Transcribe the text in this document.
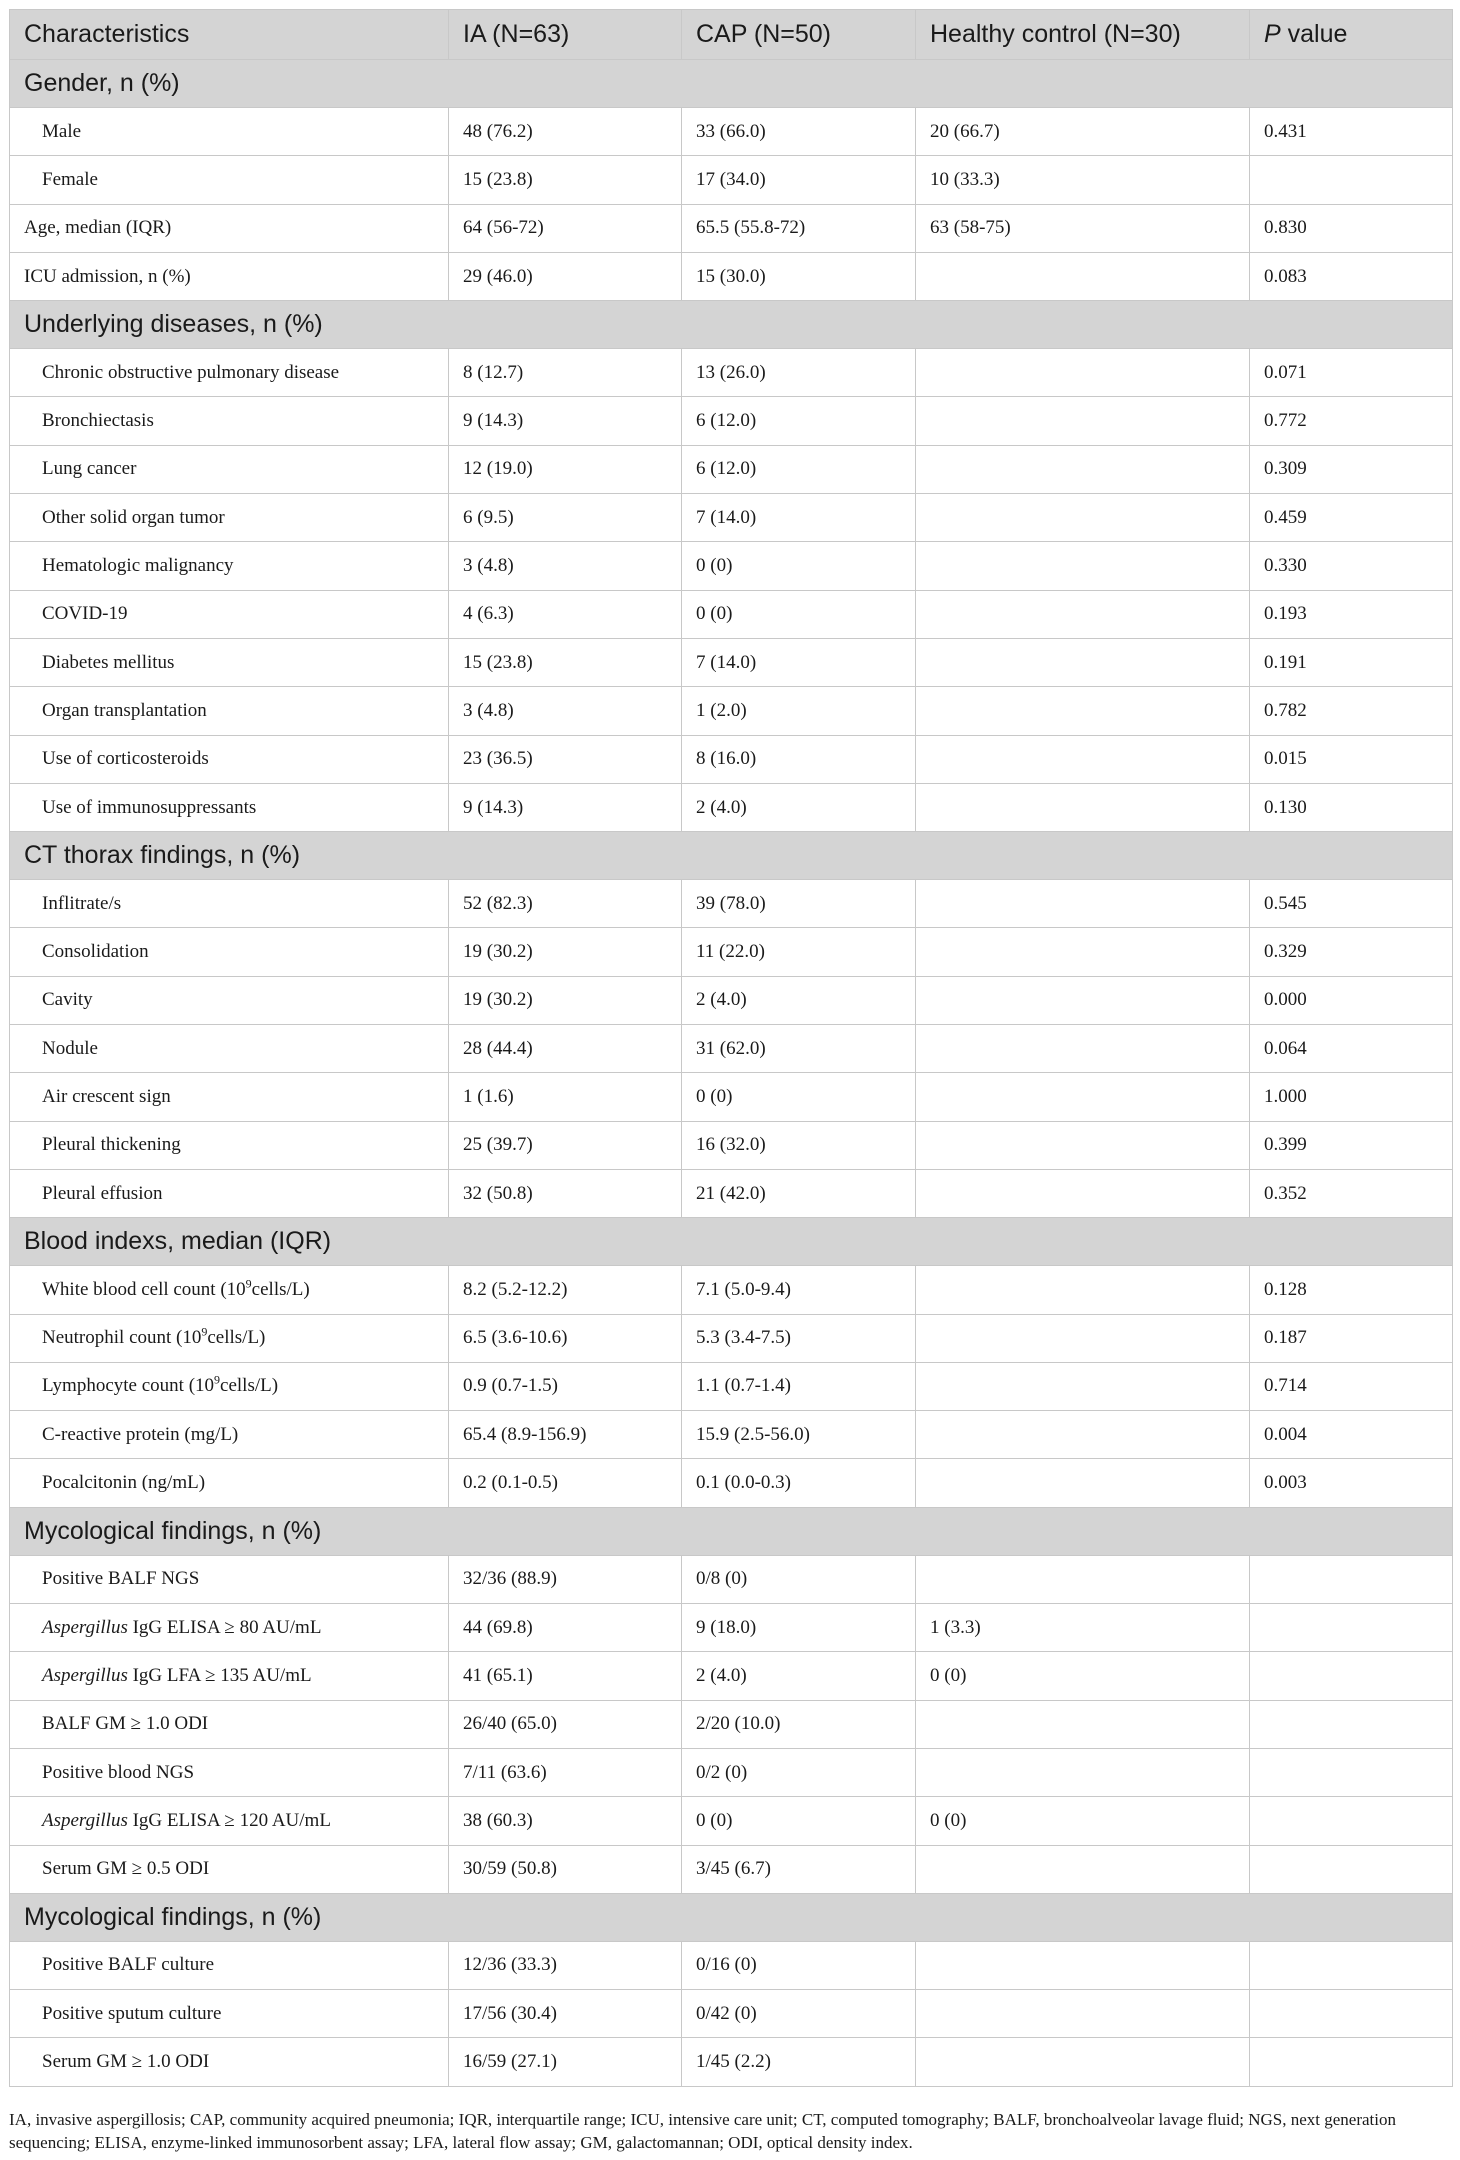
Characteristics	IA (N=63)	CAP (N=50)	Healthy control (N=30)	P value
Gender, n (%)				
Male	48 (76.2)	33 (66.0)	20 (66.7)	0.431
Female	15 (23.8)	17 (34.0)	10 (33.3)	
Age, median (IQR)	64 (56-72)	65.5 (55.8-72)	63 (58-75)	0.830
ICU admission, n (%)	29 (46.0)	15 (30.0)		0.083
Underlying diseases, n (%)				
Chronic obstructive pulmonary disease	8 (12.7)	13 (26.0)		0.071
Bronchiectasis	9 (14.3)	6 (12.0)		0.772
Lung cancer	12 (19.0)	6 (12.0)		0.309
Other solid organ tumor	6 (9.5)	7 (14.0)		0.459
Hematologic malignancy	3 (4.8)	0 (0)		0.330
COVID-19	4 (6.3)	0 (0)		0.193
Diabetes mellitus	15 (23.8)	7 (14.0)		0.191
Organ transplantation	3 (4.8)	1 (2.0)		0.782
Use of corticosteroids	23 (36.5)	8 (16.0)		0.015
Use of immunosuppressants	9 (14.3)	2 (4.0)		0.130
CT thorax findings, n (%)				
Inflitrate/s	52 (82.3)	39 (78.0)		0.545
Consolidation	19 (30.2)	11 (22.0)		0.329
Cavity	19 (30.2)	2 (4.0)		0.000
Nodule	28 (44.4)	31 (62.0)		0.064
Air crescent sign	1 (1.6)	0 (0)		1.000
Pleural thickening	25 (39.7)	16 (32.0)		0.399
Pleural effusion	32 (50.8)	21 (42.0)		0.352
Blood indexs, median (IQR)				
White blood cell count $(10^9cells/L)$	8.2 (5.2-12.2)	7.1 (5.0-9.4)		0.128
Neutrophil count $(10^9cells/L)$	6.5 (3.6-10.6)	5.3 (3.4-7.5)		0.187
Lymphocyte count $(10^9cells/L)$	0.9 (0.7-1.5)	1.1 (0.7-1.4)		0.714
C-reactive protein (mg/L)	65.4 (8.9-156.9)	15.9 (2.5-56.0)		0.004
Pocalcitonin (ng/mL)	0.2 (0.1-0.5)	0.1 (0.0-0.3)		0.003
Mycological findings, n (%)				
Positive BALF NGS	32/36 (88.9)	0/8 (0)		
Aspergillus IgG ELISA ≥ 80 AU/mL	44 (69.8)	9 (18.0)	1 (3.3)	
Aspergillus IgG LFA ≥ 135 AU/mL	41 (65.1)	2 (4.0)	0 (0)	
BALF GM ≥ 1.0 ODI	26/40 (65.0)	2/20 (10.0)		
Positive blood NGS	7/11 (63.6)	0/2 (0)		
Aspergillus IgG ELISA ≥ 120 AU/mL	38 (60.3)	0 (0)	0 (0)	
Serum GM ≥ 0.5 ODI	30/59 (50.8)	3/45 (6.7)		
Mycological findings, n (%)				
Positive BALF culture	12/36 (33.3)	0/16 (0)		
Positive sputum culture	17/56 (30.4)	0/42 (0)		
Serum GM ≥ 1.0 ODI	16/59 (27.1)	1/45 (2.2)		
IA, invasive aspergillosis; CAP, community acquired pneumonia; IQR, interquartile range; ICU, intensive care unit; CT, computed tomography; BALF, bronchoalveolar lavage fluid; NGS, next generation sequencing; ELISA, enzyme-linked immunosorbent assay; LFA, lateral flow assay; GM, galactomannan; ODI, optical density index.
